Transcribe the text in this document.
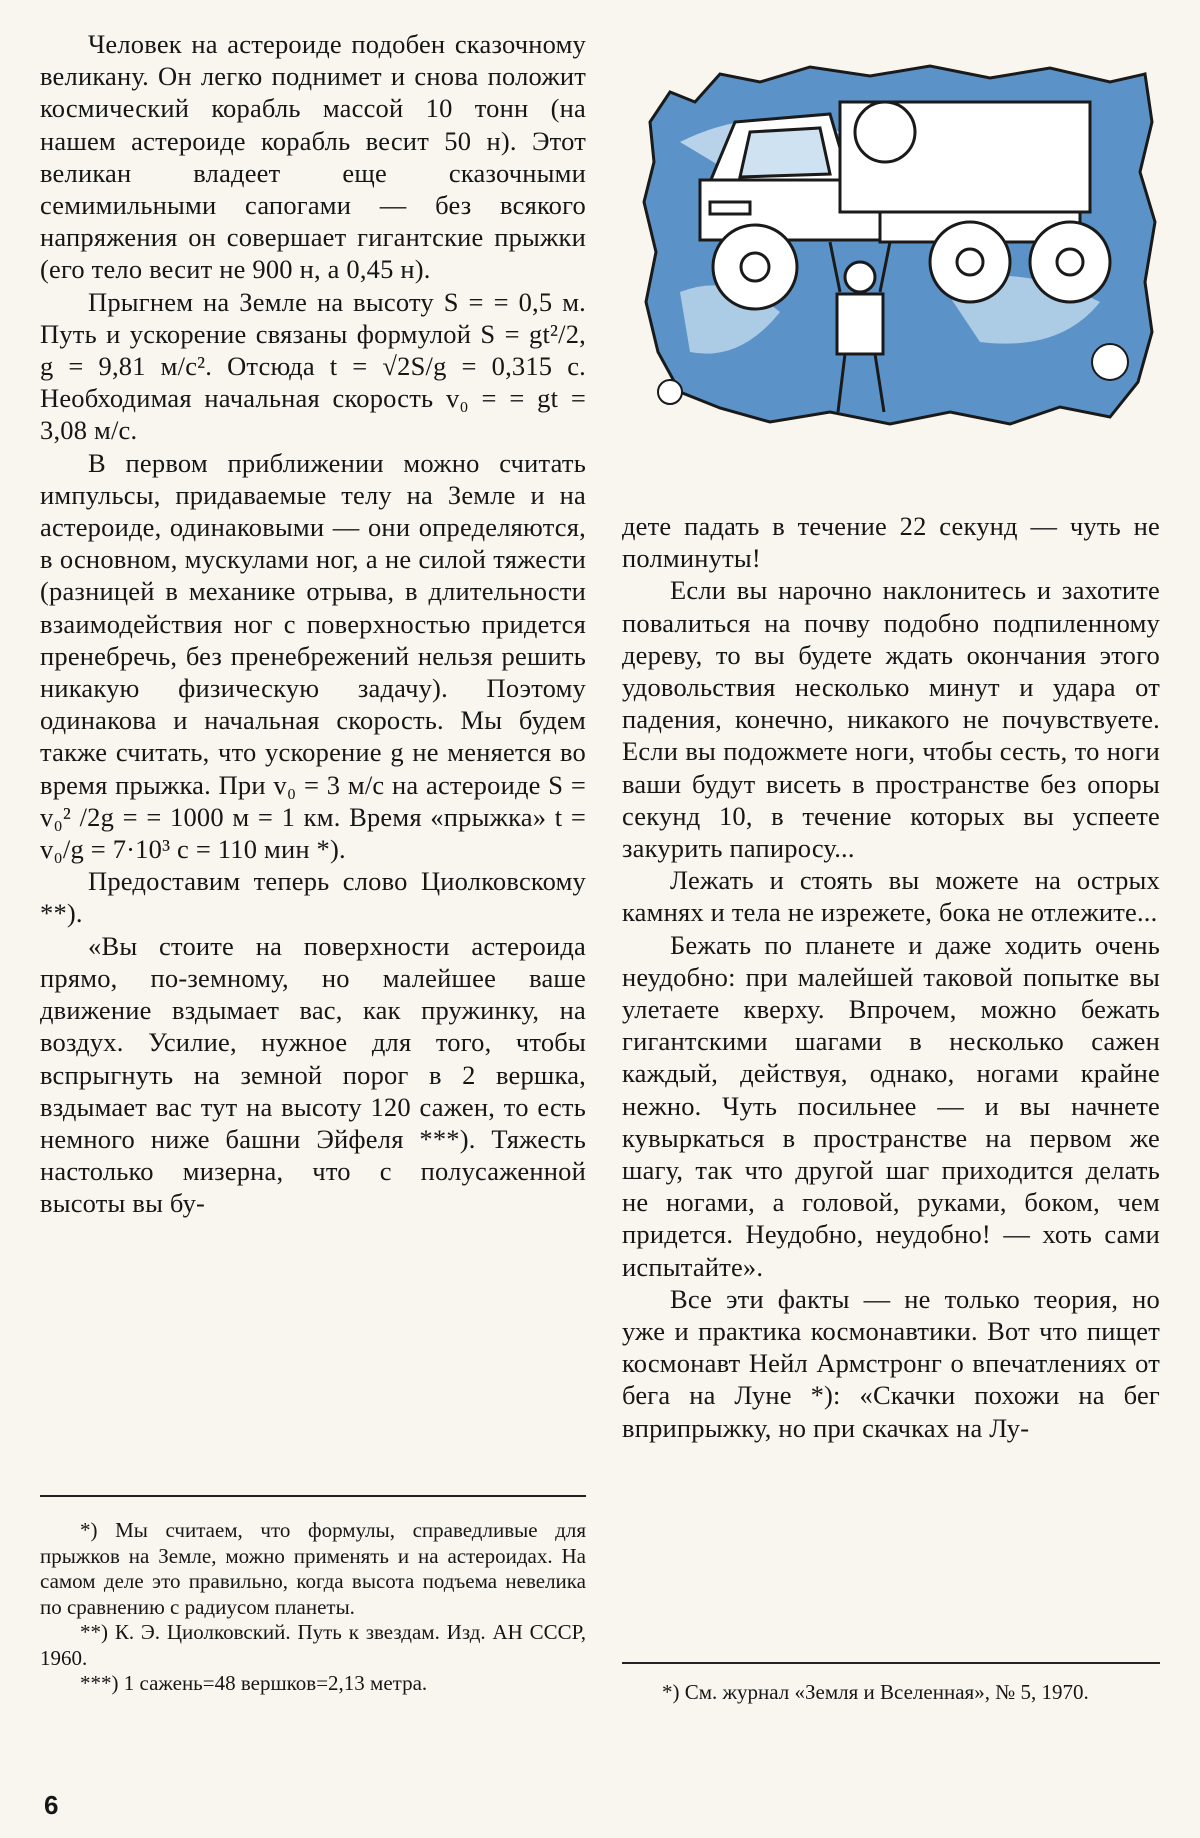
Человек на астероиде подобен сказочному великану. Он легко поднимет и снова положит космический корабль массой 10 тонн (на нашем астероиде корабль весит 50 н). Этот великан владеет еще сказочными семимильными сапогами — без всякого напряжения он совершает гигантские прыжки (его тело весит не 900 н, а 0,45 н).

Прыгнем на Земле на высоту S = = 0,5 м. Путь и ускорение связаны формулой S = gt²/2, g = 9,81 м/с². Отсюда t = √2S/g = 0,315 с. Необходимая начальная скорость v₀ = = gt = 3,08 м/с.

В первом приближении можно считать импульсы, придаваемые телу на Земле и на астероиде, одинаковыми — они определяются, в основном, мускулами ног, а не силой тяжести (разницей в механике отрыва, в длительности взаимодействия ног с поверхностью придется пренебречь, без пренебрежений нельзя решить никакую физическую задачу). Поэтому одинакова и начальная скорость. Мы будем также считать, что ускорение g не меняется во время прыжка. При v₀ = 3 м/с на астероиде S = v₀² /2g = = 1000 м = 1 км. Время «прыжка» t = v₀/g = 7·10³ с = 110 мин *).

Предоставим теперь слово Циолковскому **).

«Вы стоите на поверхности астероида прямо, по-земному, но малейшее ваше движение вздымает вас, как пружинку, на воздух. Усилие, нужное для того, чтобы вспрыгнуть на земной порог в 2 вершка, вздымает вас тут на высоту 120 сажен, то есть немного ниже башни Эйфеля ***). Тяжесть настолько мизерна, что с полусаженной высоты вы бу-

дете падать в течение 22 секунд — чуть не полминуты!

Если вы нарочно наклонитесь и захотите повалиться на почву подобно подпиленному дереву, то вы будете ждать окончания этого удовольствия несколько минут и удара от падения, конечно, никакого не почувствуете. Если вы подожмете ноги, чтобы сесть, то ноги ваши будут висеть в пространстве без опоры секунд 10, в течение которых вы успеете закурить папиросу...

Лежать и стоять вы можете на острых камнях и тела не изрежете, бока не отлежите...

Бежать по планете и даже ходить очень неудобно: при малейшей таковой попытке вы улетаете кверху. Впрочем, можно бежать гигантскими шагами в несколько сажен каждый, действуя, однако, ногами крайне нежно. Чуть посильнее — и вы начнете кувыркаться в пространстве на первом же шагу, так что другой шаг приходится делать не ногами, а головой, руками, боком, чем придется. Неудобно, неудобно! — хоть сами испытайте».

Все эти факты — не только теория, но уже и практика космонавтики. Вот что пищет космонавт Нейл Армстронг о впечатлениях от бега на Луне *): «Скачки похожи на бег вприпрыжку, но при скачках на Лу-

*) Мы считаем, что формулы, справедливые для прыжков на Земле, можно применять и на астероидах. На самом деле это правильно, когда высота подъема невелика по сравнению с радиусом планеты.

**) К. Э. Циолковский. Путь к звездам. Изд. АН СССР, 1960.

***) 1 сажень=48 вершков=2,13 метра.	*) См. журнал «Земля и Вселенная», № 5, 1970.

6
